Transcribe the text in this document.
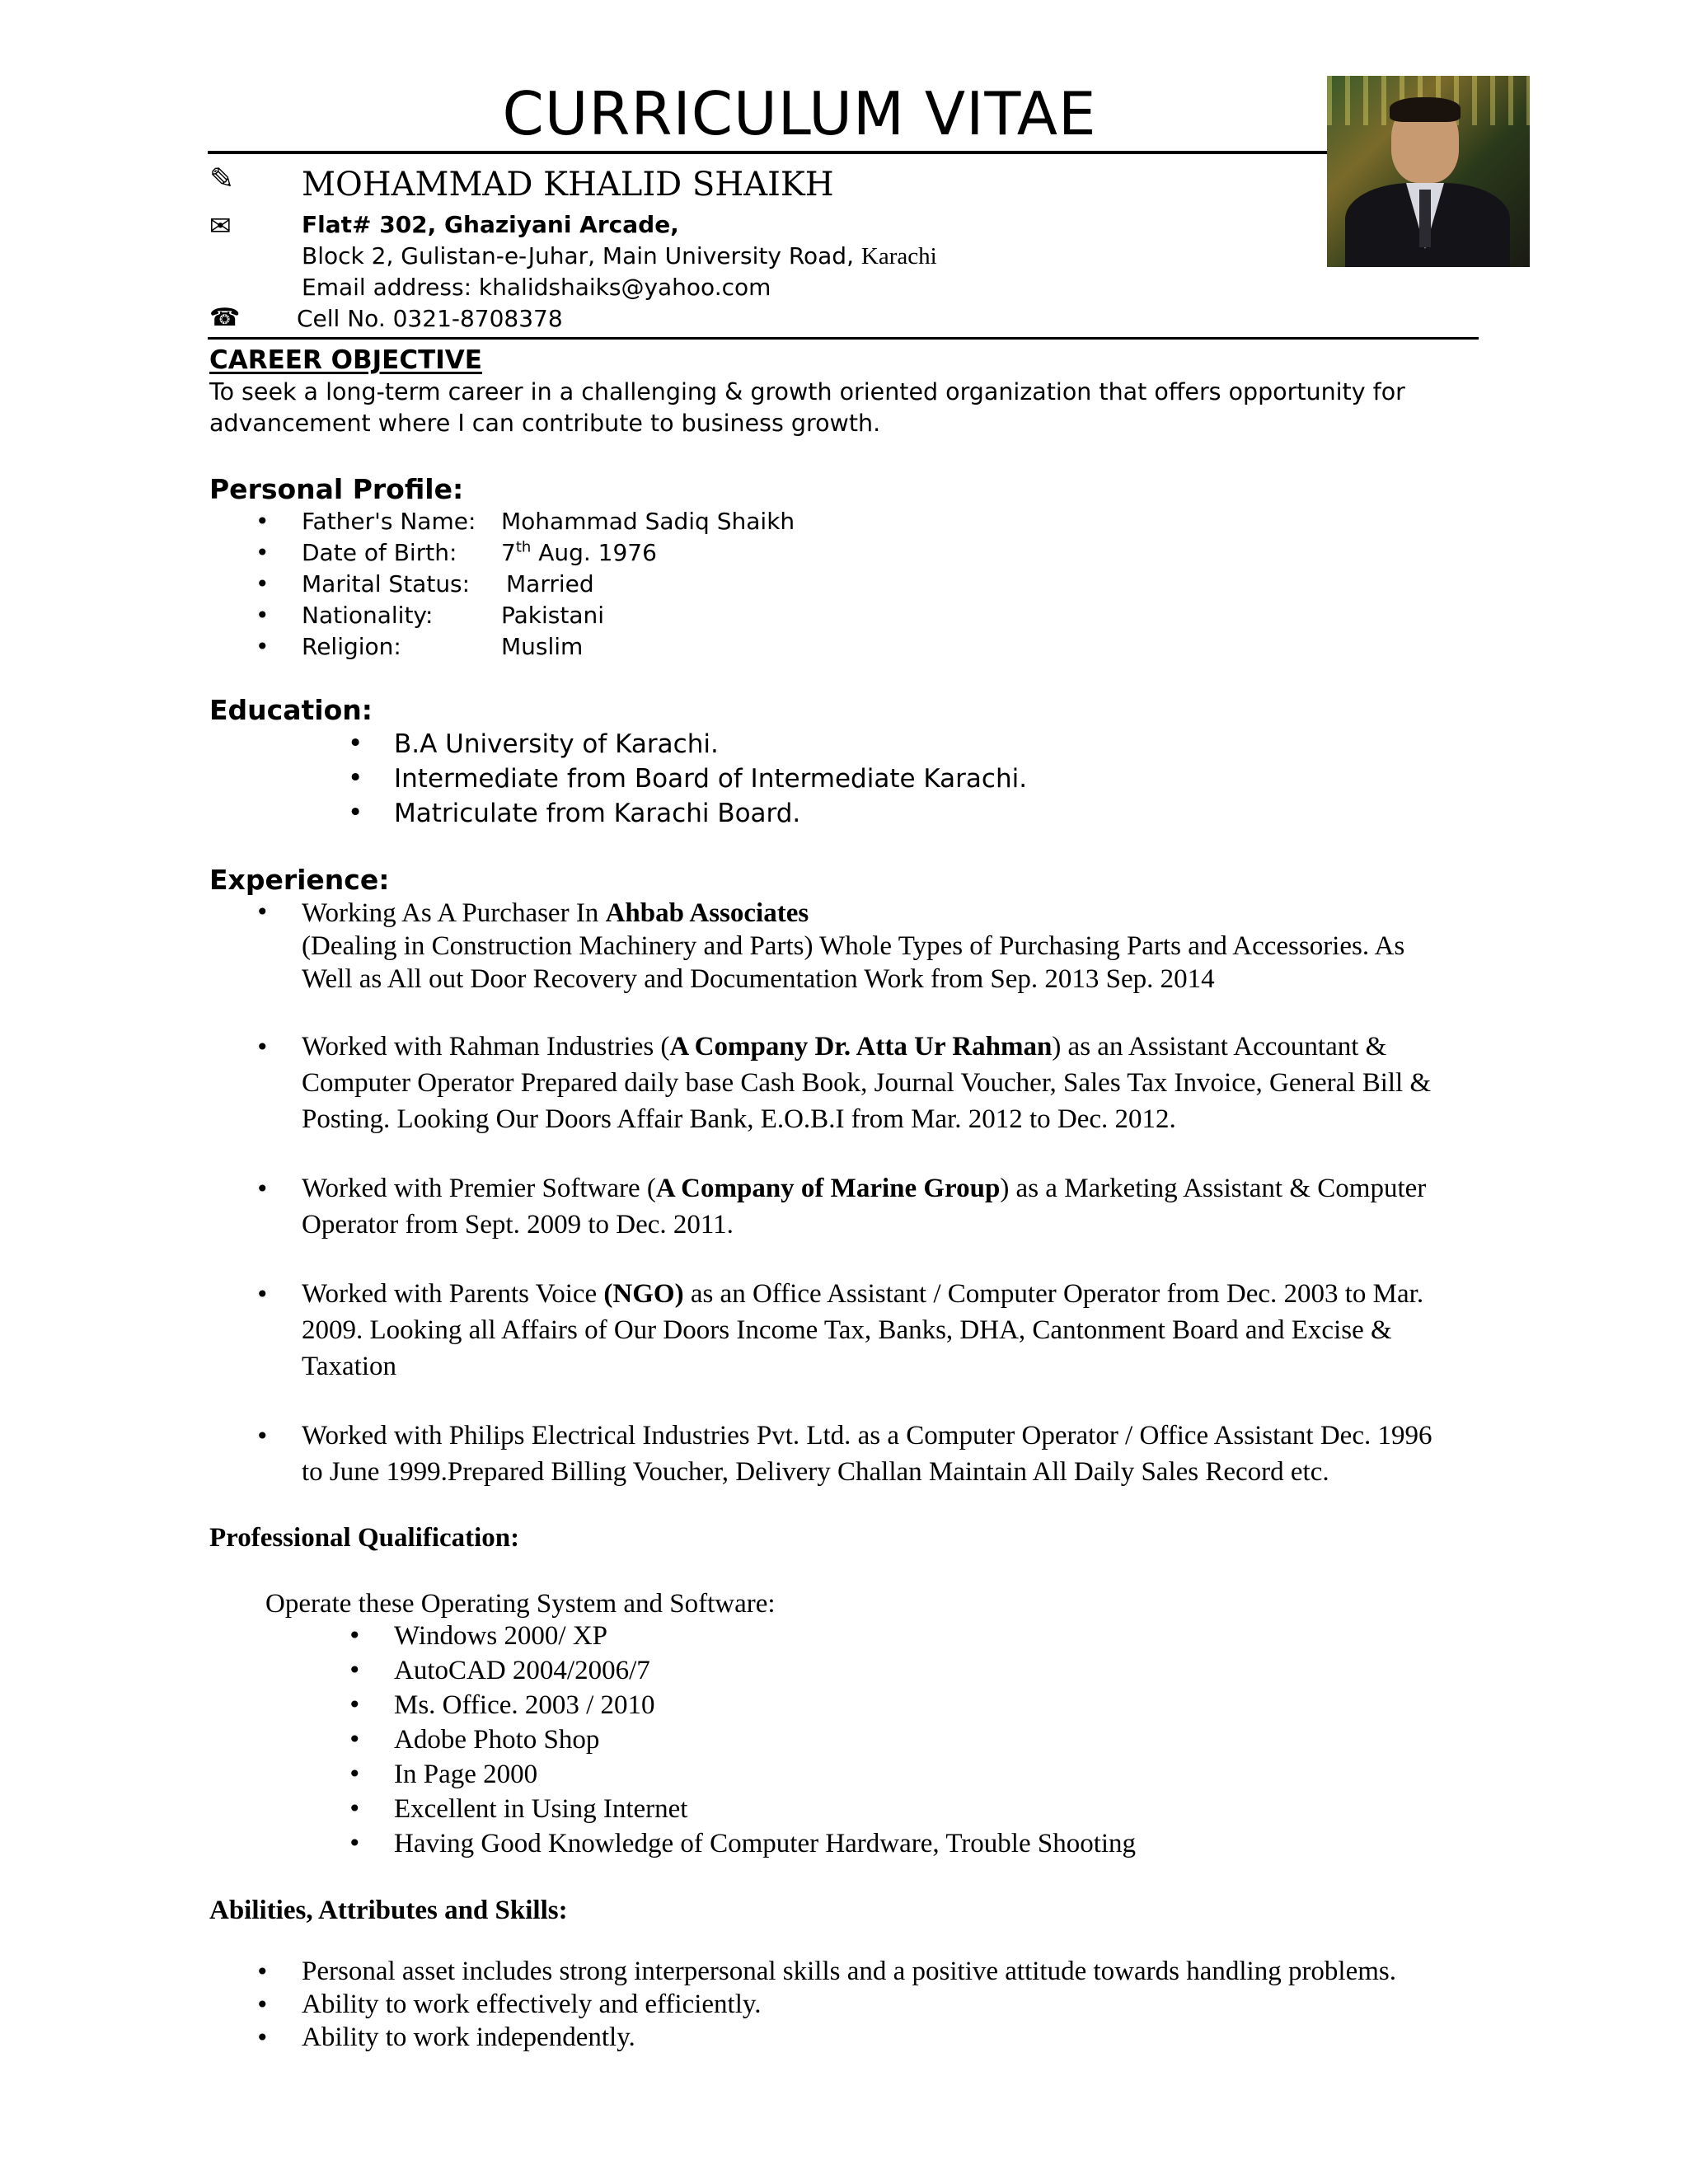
CURRICULUM VITAE
✎ MOHAMMAD KHALID SHAIKH
✉	Flat# 302, Ghaziyani Arcade,
Block 2, Gulistan-e-Juhar, Main University Road, Karachi
Email address: khalidshaiks@yahoo.com
☎ Cell No. 0321-8708378
CAREER OBJECTIVE
To seek a long-term career in a challenging & growth oriented organization that offers opportunity for
advancement where I can contribute to business growth.
Personal Profile:
• Father's Name: Mohammad Sadiq Shaikh
• Date of Birth: 7th Aug. 1976
• Marital Status: Married
• Nationality:	Pakistani
• Religion:	Muslim
Education:
• B.A University of Karachi.
• Intermediate from Board of Intermediate Karachi.
• Matriculate from Karachi Board.
Experience:
• Working As A Purchaser In Ahbab Associates
(Dealing in Construction Machinery and Parts) Whole Types of Purchasing Parts and Accessories. As
Well as All out Door Recovery and Documentation Work from Sep. 2013 Sep. 2014
• Worked with Rahman Industries (A Company Dr. Atta Ur Rahman) as an Assistant Accountant &
Computer Operator Prepared daily base Cash Book, Journal Voucher, Sales Tax Invoice, General Bill &
Posting. Looking Our Doors Affair Bank, E.O.B.I from Mar. 2012 to Dec. 2012.
• Worked with Premier Software (A Company of Marine Group) as a Marketing Assistant & Computer
Operator from Sept. 2009 to Dec. 2011.
• Worked with Parents Voice (NGO) as an Office Assistant / Computer Operator from Dec. 2003 to Mar.
2009. Looking all Affairs of Our Doors Income Tax, Banks, DHA, Cantonment Board and Excise &
Taxation
• Worked with Philips Electrical Industries Pvt. Ltd. as a Computer Operator / Office Assistant Dec. 1996
to June 1999.Prepared Billing Voucher, Delivery Challan Maintain All Daily Sales Record etc.
Professional Qualification:
Operate these Operating System and Software:
• Windows 2000/ XP
• AutoCAD 2004/2006/7
• Ms. Office. 2003 / 2010
• Adobe Photo Shop
• In Page 2000
• Excellent in Using Internet
• Having Good Knowledge of Computer Hardware, Trouble Shooting
Abilities, Attributes and Skills:
• Personal asset includes strong interpersonal skills and a positive attitude towards handling problems.
• Ability to work effectively and efficiently.
• Ability to work independently.
